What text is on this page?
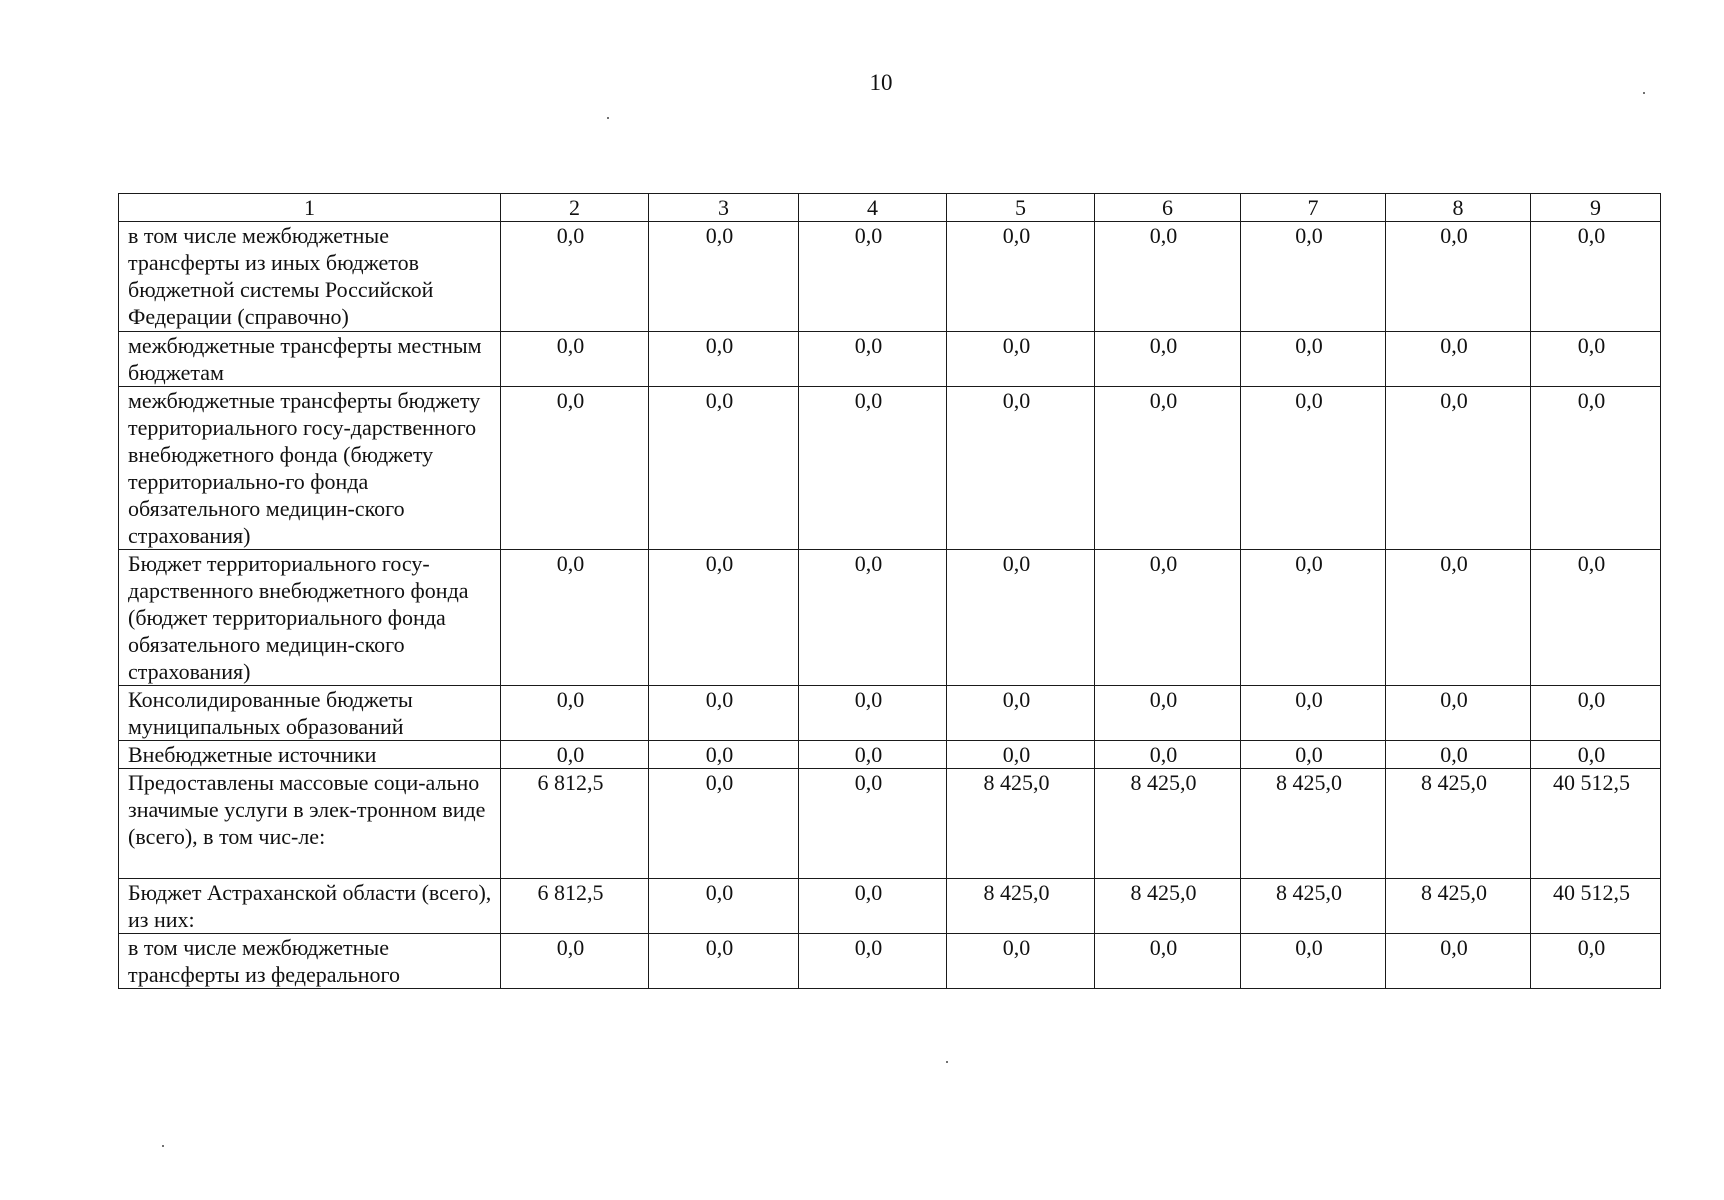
10
1	2	3	4	5	6	7	8	9
в том числе межбюджетные трансферты из иных бюджетов бюджетной системы Российской Федерации (справочно)	0,0	0,0	0,0	0,0	0,0	0,0	0,0	0,0
межбюджетные трансферты местным бюджетам	0,0	0,0	0,0	0,0	0,0	0,0	0,0	0,0
межбюджетные трансферты бюджету территориального госу-дарственного внебюджетного фонда (бюджету территориально-го фонда обязательного медицин-ского страхования)	0,0	0,0	0,0	0,0	0,0	0,0	0,0	0,0
Бюджет территориального госу-дарственного внебюджетного фонда (бюджет территориального фонда обязательного медицин-ского страхования)	0,0	0,0	0,0	0,0	0,0	0,0	0,0	0,0
Консолидированные бюджеты муниципальных образований	0,0	0,0	0,0	0,0	0,0	0,0	0,0	0,0
Внебюджетные источники	0,0	0,0	0,0	0,0	0,0	0,0	0,0	0,0
Предоставлены массовые соци-ально значимые услуги в элек-тронном виде (всего), в том чис-ле:	6 812,5	0,0	0,0	8 425,0	8 425,0	8 425,0	8 425,0	40 512,5
Бюджет Астраханской области (всего), из них:	6 812,5	0,0	0,0	8 425,0	8 425,0	8 425,0	8 425,0	40 512,5
в том числе межбюджетные трансферты из федерального	0,0	0,0	0,0	0,0	0,0	0,0	0,0	0,0
